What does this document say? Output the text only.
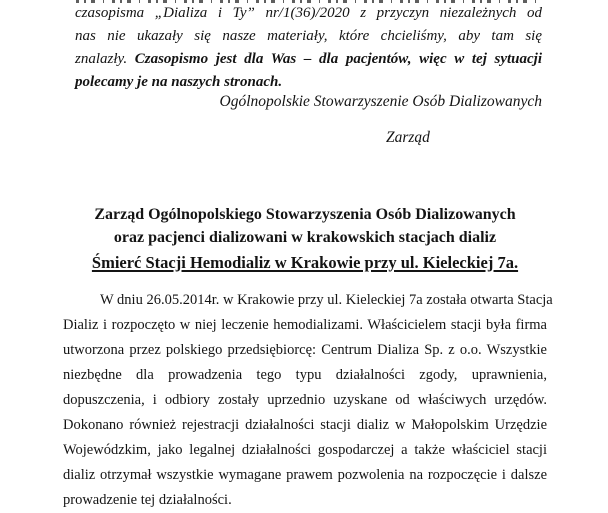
czasopisma „Dializa i Ty” nr/1(36)/2020 z przyczyn niezależnych od
nas nie ukazały się nasze materiały, które chcieliśmy, aby tam się
znalazły. Czasopismo jest dla Was – dla pacjentów, więc w tej sytuacji
polecamy je na naszych stronach.
Ogólnopolskie Stowarzyszenie Osób Dializowanych
Zarząd
Zarząd Ogólnopolskiego Stowarzyszenia Osób Dializowanych
oraz pacjenci dializowani w krakowskich stacjach dializ
Śmierć Stacji Hemodializ w Krakowie przy ul. Kieleckiej 7a.
W dniu 26.05.2014r. w Krakowie przy ul. Kieleckiej 7a została otwarta Stacja
Dializ i rozpoczęto w niej leczenie hemodializami. Właścicielem stacji była firma
utworzona przez polskiego przedsiębiorcę: Centrum Dializa Sp. z o.o. Wszystkie
niezbędne dla prowadzenia tego typu działalności zgody, uprawnienia,
dopuszczenia, i odbiory zostały uprzednio uzyskane od właściwych urzędów.
Dokonano również rejestracji działalności stacji dializ w Małopolskim Urzędzie
Wojewódzkim, jako legalnej działalności gospodarczej a także właściciel stacji
dializ otrzymał wszystkie wymagane prawem pozwolenia na rozpoczęcie i dalsze
prowadzenie tej działalności.
